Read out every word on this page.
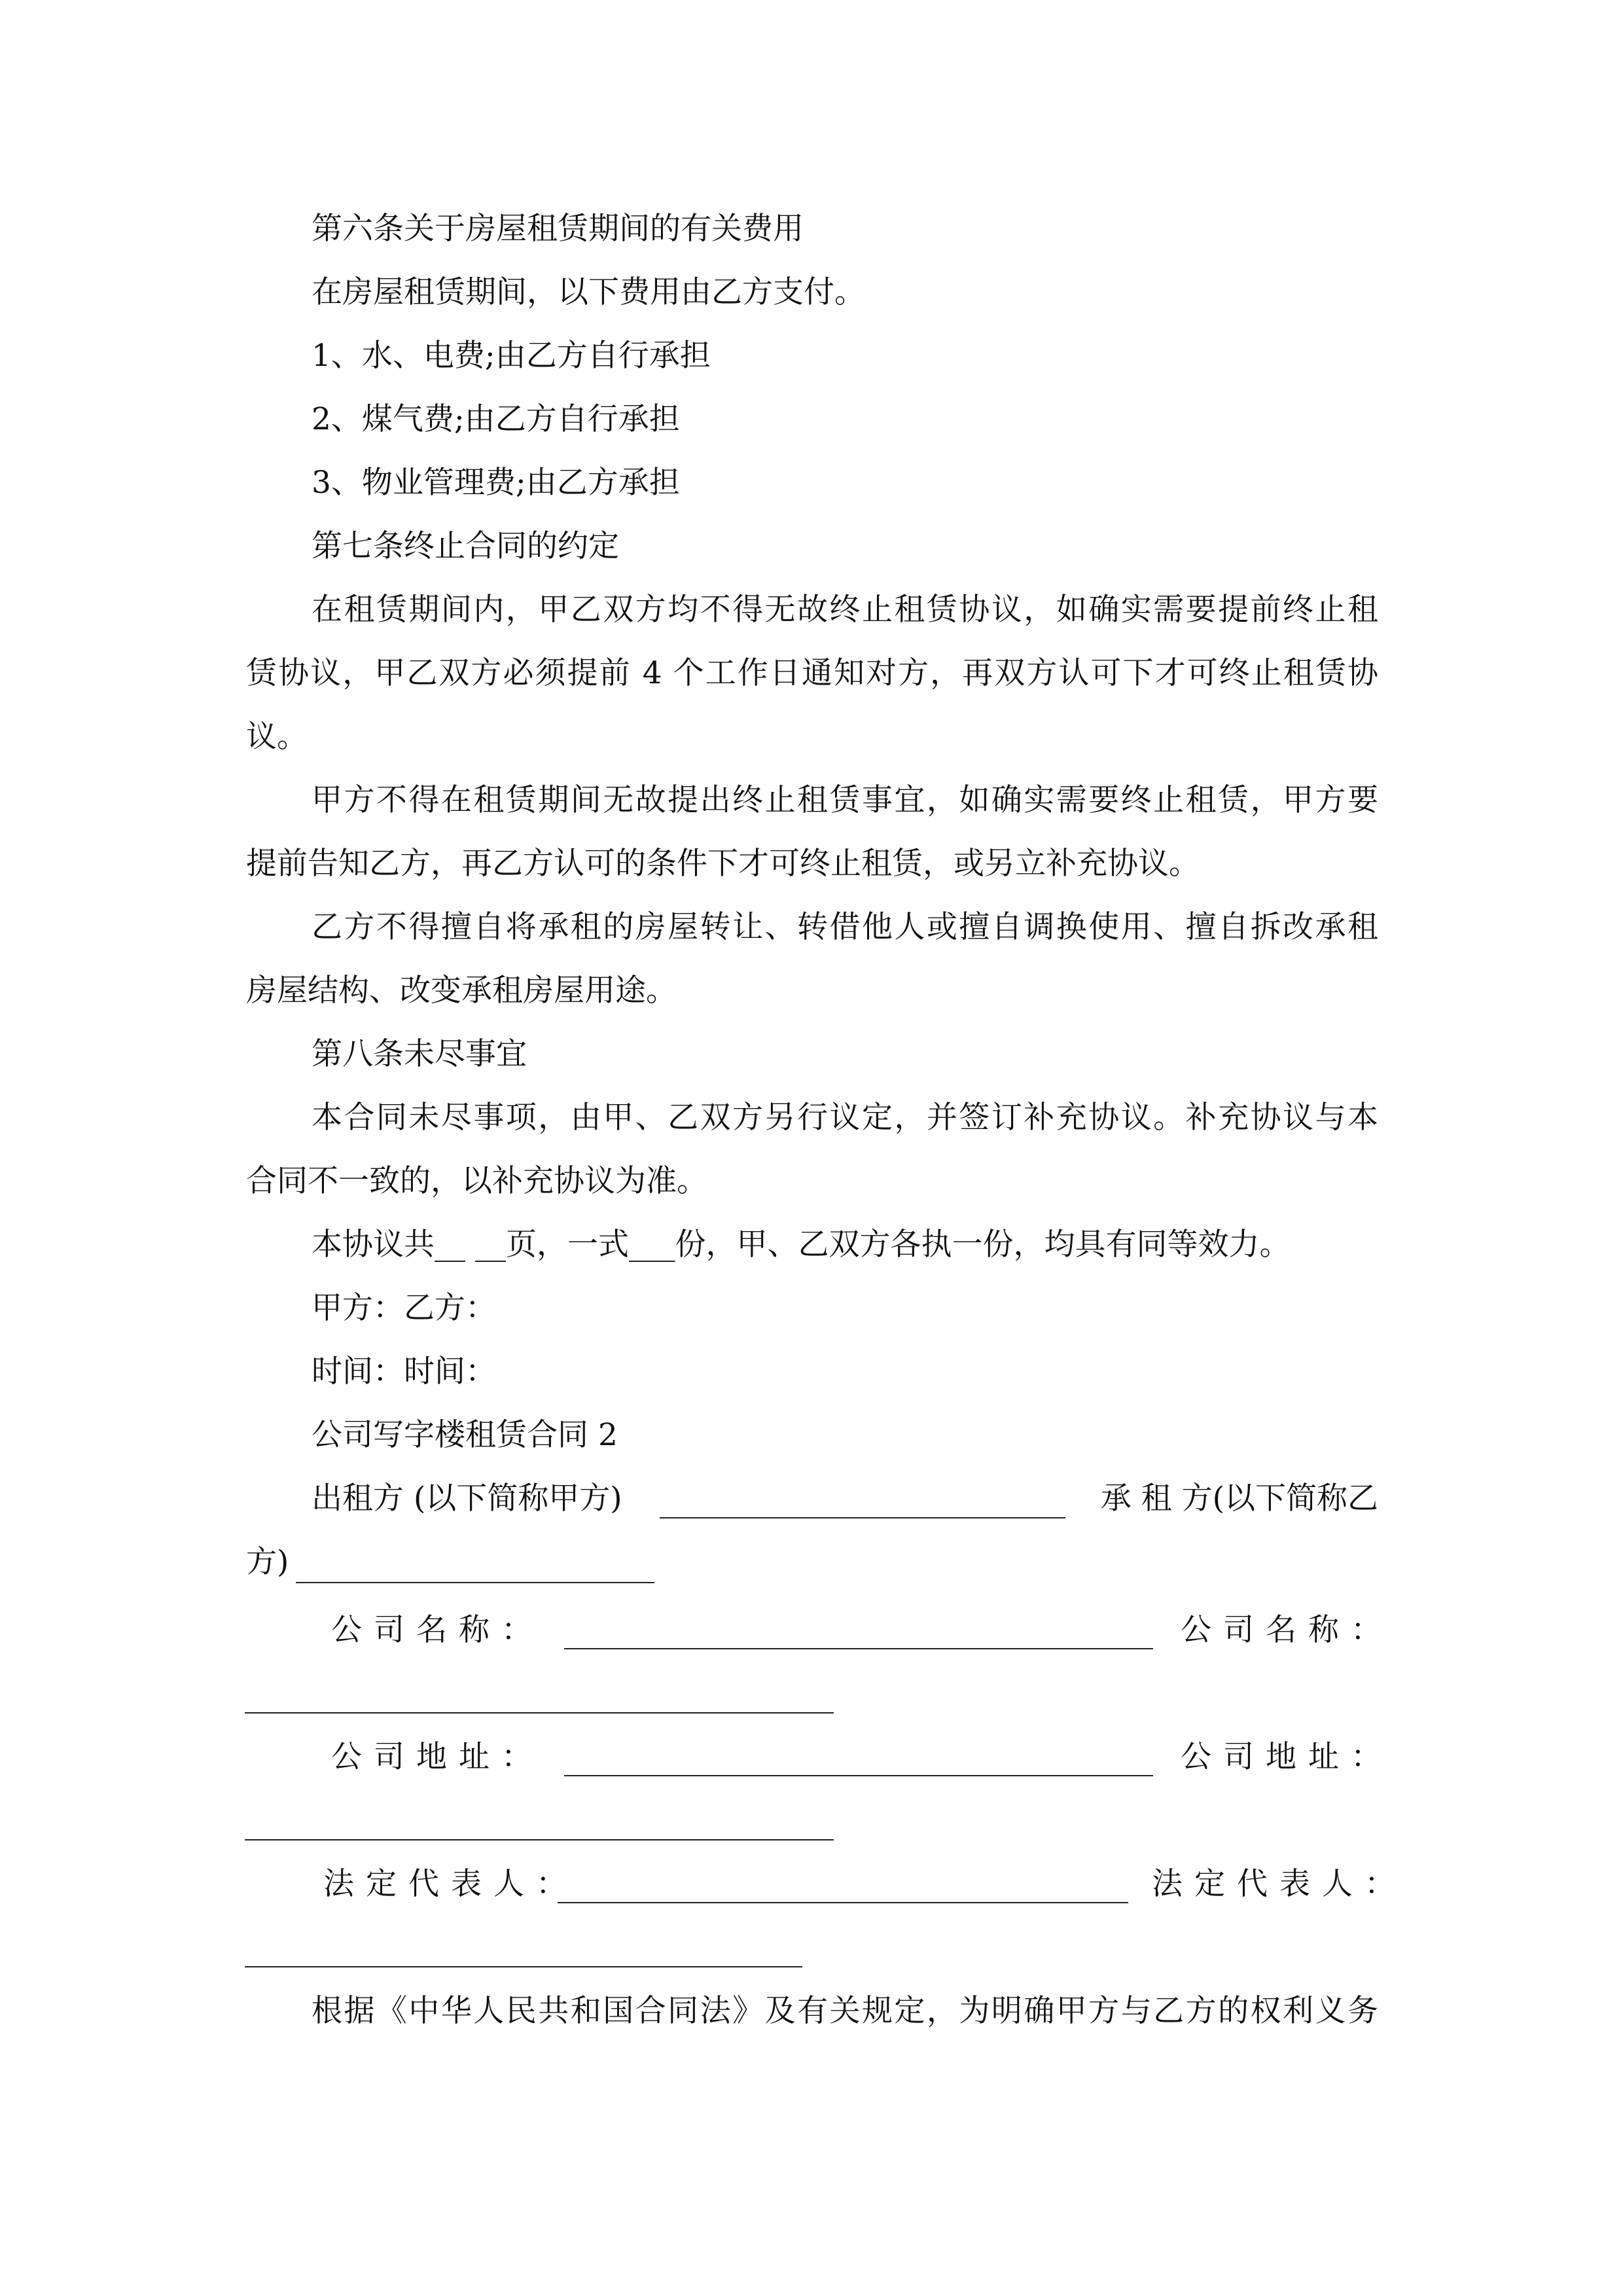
第六条关于房屋租赁期间的有关费用
在房屋租赁期间，以下费用由乙方支付。
1、水、电费;由乙方自行承担
2、煤气费;由乙方自行承担
3、物业管理费;由乙方承担
第七条终止合同的约定
在租赁期间内，甲乙双方均不得无故终止租赁协议，如确实需要提前终止租
赁协议，甲乙双方必须提前 4 个工作日通知对方，再双方认可下才可终止租赁协
议。
甲方不得在租赁期间无故提出终止租赁事宜，如确实需要终止租赁，甲方要
提前告知乙方，再乙方认可的条件下才可终止租赁，或另立补充协议。
乙方不得擅自将承租的房屋转让、转借他人或擅自调换使用、擅自拆改承租
房屋结构、改变承租房屋用途。
第八条未尽事宜
本合同未尽事项，由甲、乙双方另行议定，并签订补充协议。补充协议与本
合同不一致的，以补充协议为准。
本协议共__ __页，一式___份，甲、乙双方各执一份，均具有同等效力。
甲方：乙方：
时间：时间：
公司写字楼租赁合同 2
出租方 (以下简称甲方)	承 租 方(以下简称乙
方)
公司名称：	公司名称：
公司地址：	公司地址：
法定代表人：	法定代表人：
根据《中华人民共和国合同法》及有关规定，为明确甲方与乙方的权利义务
